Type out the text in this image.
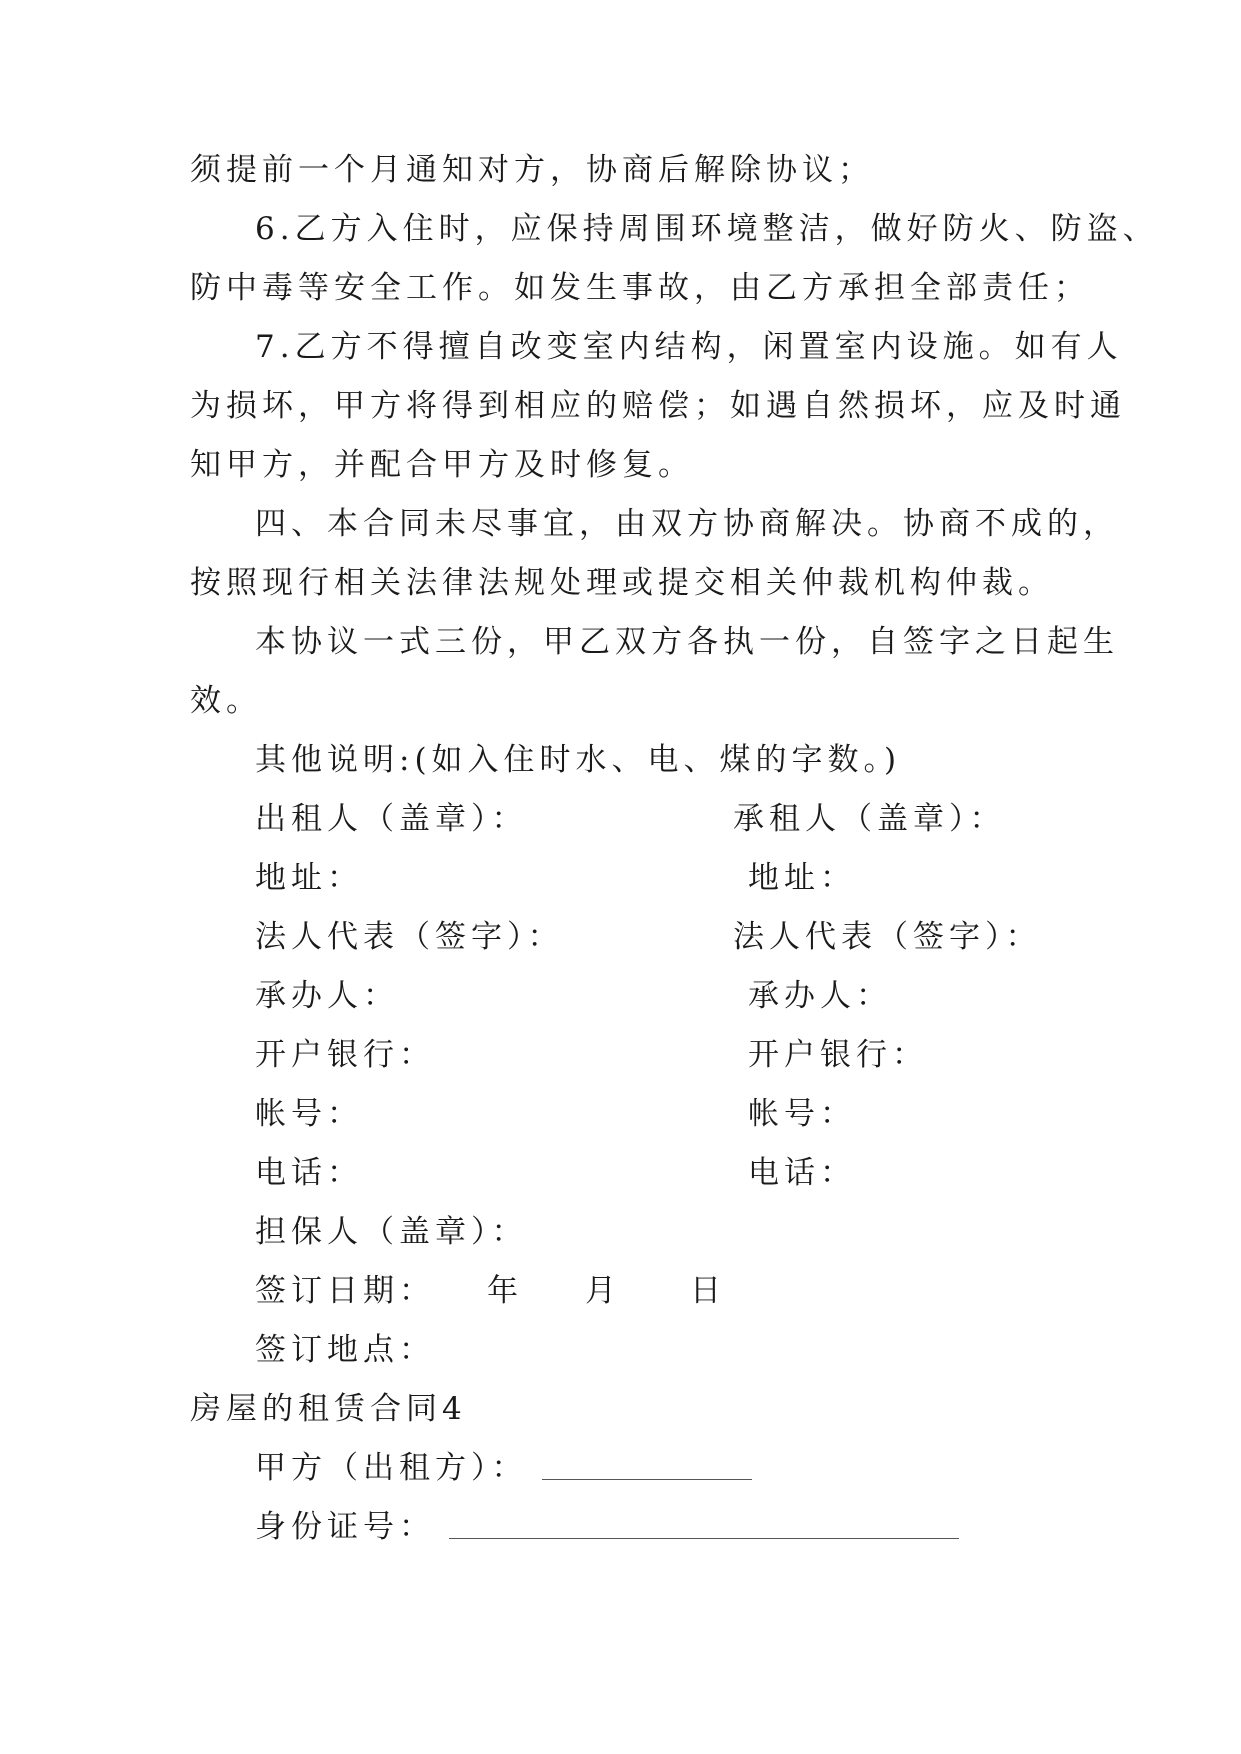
须提前一个月通知对方，协商后解除协议；
6.乙方入住时，应保持周围环境整洁，做好防火、防盗、
防中毒等安全工作。如发生事故，由乙方承担全部责任；
7.乙方不得擅自改变室内结构，闲置室内设施。如有人
为损坏，甲方将得到相应的赔偿；如遇自然损坏，应及时通
知甲方，并配合甲方及时修复。
四、本合同未尽事宜，由双方协商解决。协商不成的，
按照现行相关法律法规处理或提交相关仲裁机构仲裁。
本协议一式三份，甲乙双方各执一份，自签字之日起生
效。
其他说明:(如入住时水、电、煤的字数。)
出租人（盖章）：	承租人（盖章）：
地址：	地址：
法人代表（签字）：	法人代表（签字）：
承办人：	承办人：
开户银行：	开户银行：
帐号：	帐号：
电话：	电话：
担保人（盖章）：
签订日期： 年 月 日
签订地点：
房屋的租赁合同4
甲方（出租方）：
身份证号：
